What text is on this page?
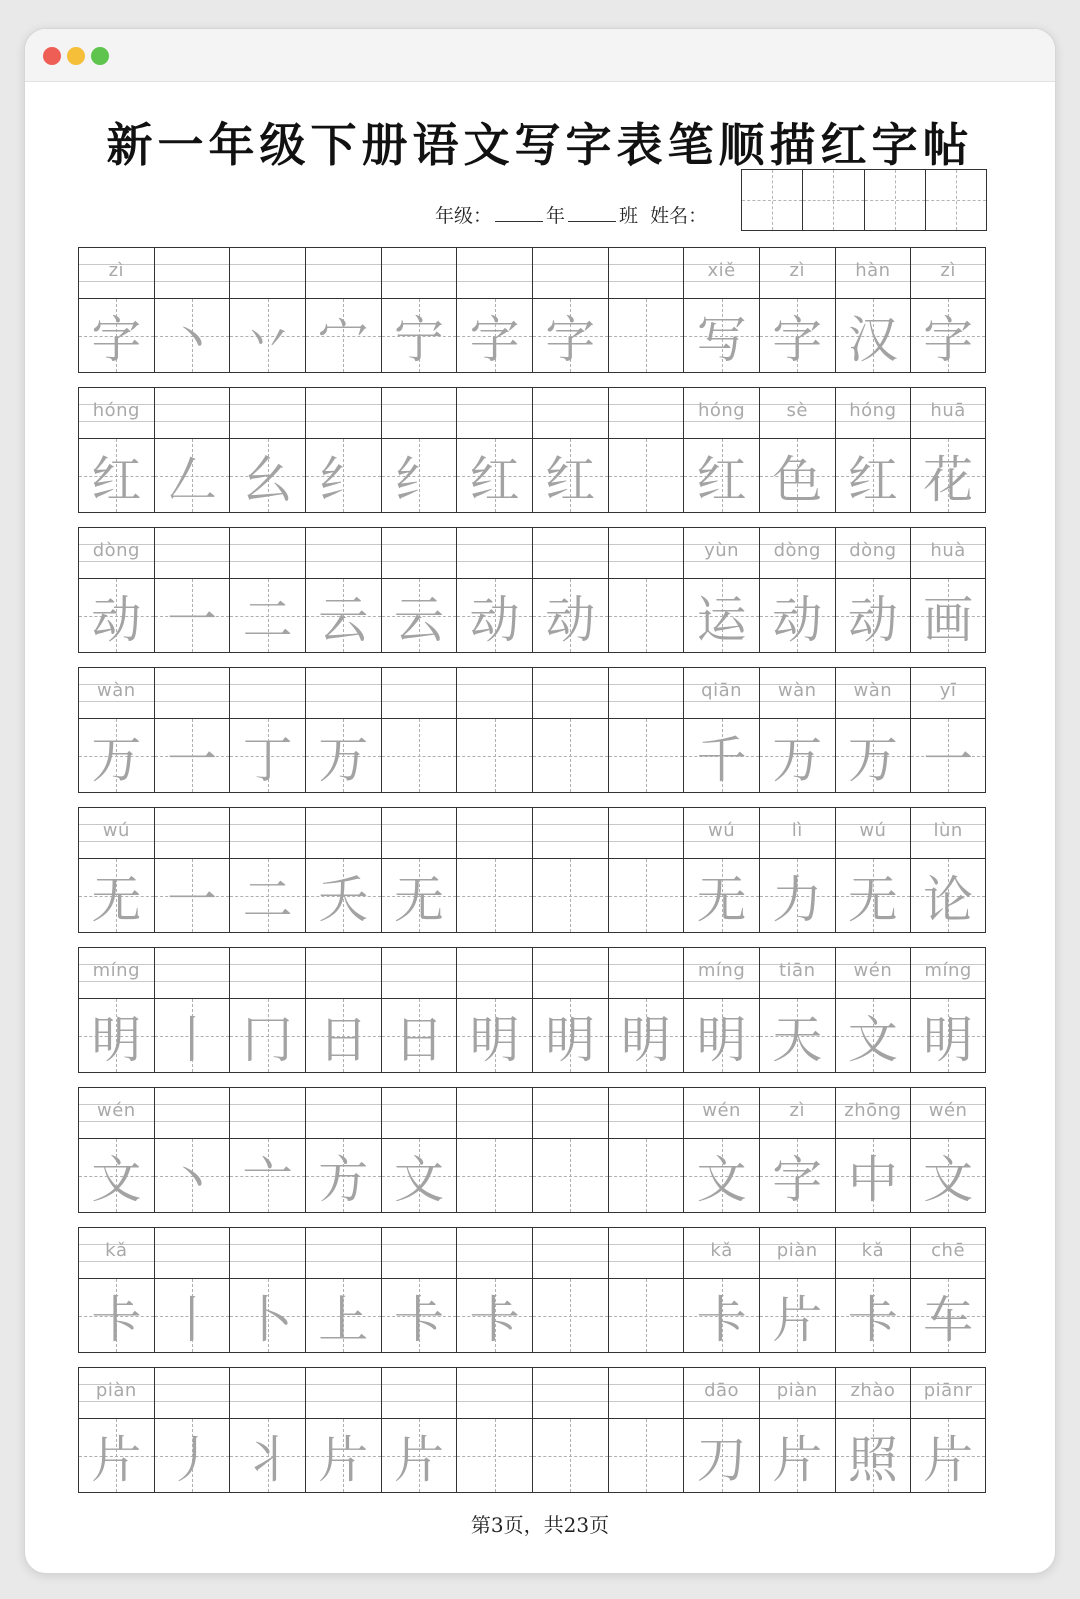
新一年级下册语文写字表笔顺描红字帖
年级：	年	班 姓名：
zì
字 丶 丷 宀 宁 字 字
xiě
写
zì
字
hàn
汉
zì
字
hóng
红 𠃋 幺 纟 纟 红 红
hóng
红
sè
色
hóng
红
huā
花
dòng
动 一 二 云 云 动 动
yùn
运
dòng
动
dòng
动
huà
画
wàn
万 一 丁 万
qiān
千
wàn
万
wàn
万
yī
一
wú
无 一 二 夭 无
wú
无
lì
力
wú
无
lùn
论
míng
明 丨 冂 日 日 明 明 明
míng
明
tiān
天
wén
文
míng
明
wén
文 丶 亠 方 文
wén
文
zì
字
zhōng
中
wén
文
kǎ
卡 丨 卜 上 卡 卡
kǎ
卡
piàn
片
kǎ
卡
chē
车
piàn
片 丿 丬 片 片
dāo
刀
piàn
片
zhào
照
piānr
片
第3页，共23页
